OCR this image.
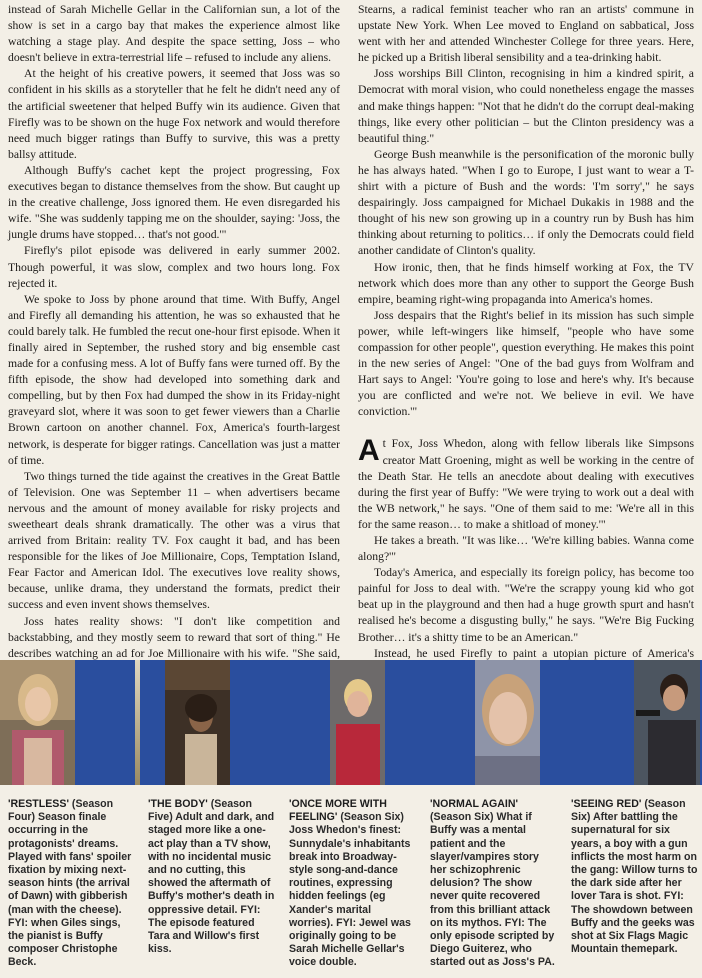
instead of Sarah Michelle Gellar in the Californian sun, a lot of the show is set in a cargo bay that makes the experience almost like watching a stage play. And despite the space setting, Joss – who doesn't believe in extra-terrestrial life – refused to include any aliens.

At the height of his creative powers, it seemed that Joss was so confident in his skills as a storyteller that he felt he didn't need any of the artificial sweetener that helped Buffy win its audience. Given that Firefly was to be shown on the huge Fox network and would therefore need much bigger ratings than Buffy to survive, this was a pretty ballsy attitude.

Although Buffy's cachet kept the project progressing, Fox executives began to distance themselves from the show. But caught up in the creative challenge, Joss ignored them. He even disregarded his wife. "She was suddenly tapping me on the shoulder, saying: 'Joss, the jungle drums have stopped… that's not good.'"

Firefly's pilot episode was delivered in early summer 2002. Though powerful, it was slow, complex and two hours long. Fox rejected it.

We spoke to Joss by phone around that time. With Buffy, Angel and Firefly all demanding his attention, he was so exhausted that he could barely talk. He fumbled the recut one-hour first episode. When it finally aired in September, the rushed story and big ensemble cast made for a confusing mess. A lot of Buffy fans were turned off. By the fifth episode, the show had developed into something dark and compelling, but by then Fox had dumped the show in its Friday-night graveyard slot, where it was soon to get fewer viewers than a Charlie Brown cartoon on another channel. Fox, America's fourth-largest network, is desperate for bigger ratings. Cancellation was just a matter of time.

Two things turned the tide against the creatives in the Great Battle of Television. One was September 11 – when advertisers became nervous and the amount of money available for risky projects and sweetheart deals shrank dramatically. The other was a virus that arrived from Britain: reality TV. Fox caught it bad, and has been responsible for the likes of Joe Millionaire, Cops, Temptation Island, Fear Factor and American Idol. The executives love reality shows, because, unlike drama, they understand the formats, predict their success and even invent shows themselves.

Joss hates reality shows: "I don't like competition and backstabbing, and they mostly seem to reward that sort of thing." He describes watching an ad for Joe Millionaire with his wife. "She said,

Stearns, a radical feminist teacher who ran an artists' commune in upstate New York. When Lee moved to England on sabbatical, Joss went with her and attended Winchester College for three years. Here, he picked up a British liberal sensibility and a tea-drinking habit.

Joss worships Bill Clinton, recognising in him a kindred spirit, a Democrat with moral vision, who could nonetheless engage the masses and make things happen: "Not that he didn't do the corrupt deal-making things, like every other politician – but the Clinton presidency was a beautiful thing."

George Bush meanwhile is the personification of the moronic bully he has always hated. "When I go to Europe, I just want to wear a T-shirt with a picture of Bush and the words: 'I'm sorry'," he says despairingly. Joss campaigned for Michael Dukakis in 1988 and the thought of his new son growing up in a country run by Bush has him thinking about returning to politics… if only the Democrats could field another candidate of Clinton's quality.

How ironic, then, that he finds himself working at Fox, the TV network which does more than any other to support the George Bush empire, beaming right-wing propaganda into America's homes.

Joss despairs that the Right's belief in its mission has such simple power, while left-wingers like himself, "people who have some compassion for other people", question everything. He makes this point in the new series of Angel: "One of the bad guys from Wolfram and Hart says to Angel: 'You're going to lose and here's why. It's because you are conflicted and we're not. We believe in evil. We have conviction.'"

At Fox, Joss Whedon, along with fellow liberals like Simpsons creator Matt Groening, might as well be working in the centre of the Death Star. He tells an anecdote about dealing with executives during the first year of Buffy: "We were trying to work out a deal with the WB network," he says. "One of them said to me: 'We're all in this for the same reason… to make a shitload of money.'"

He takes a breath. "It was like… 'We're killing babies. Wanna come along?'"

Today's America, and especially its foreign policy, has become too painful for Joss to deal with. "We're the scrappy young kid who got beat up in the playground and then had a huge growth spurt and hasn't realised he's become a disgusting bully," he says. "We're Big Fucking Brother… it's a shitty time to be an American."

Instead, he used Firefly to paint a utopian picture of America's

'RESTLESS' (Season Four) Season finale occurring in the protagonists' dreams. Played with fans' spoiler fixation by mixing next-season hints (the arrival of Dawn) with gibberish (man with the cheese). FYI: when Giles sings, the pianist is Buffy composer Christophe Beck.
'THE BODY' (Season Five) Adult and dark, and staged more like a one-act play than a TV show, with no incidental music and no cutting, this showed the aftermath of Buffy's mother's death in oppressive detail. FYI: The episode featured Tara and Willow's first kiss.
'ONCE MORE WITH FEELING' (Season Six) Joss Whedon's finest: Sunnydale's inhabitants break into Broadway-style song-and-dance routines, expressing hidden feelings (eg Xander's marital worries). FYI: Jewel was originally going to be Sarah Michelle Gellar's voice double.
'NORMAL AGAIN' (Season Six) What if Buffy was a mental patient and the slayer/vampires story her schizophrenic delusion? The show never quite recovered from this brilliant attack on its mythos. FYI: The only episode scripted by Diego Guiterez, who started out as Joss's PA.
'SEEING RED' (Season Six) After battling the supernatural for six years, a boy with a gun inflicts the most harm on the gang: Willow turns to the dark side after her lover Tara is shot. FYI: The showdown between Buffy and the geeks was shot at Six Flags Magic Mountain themepark.
